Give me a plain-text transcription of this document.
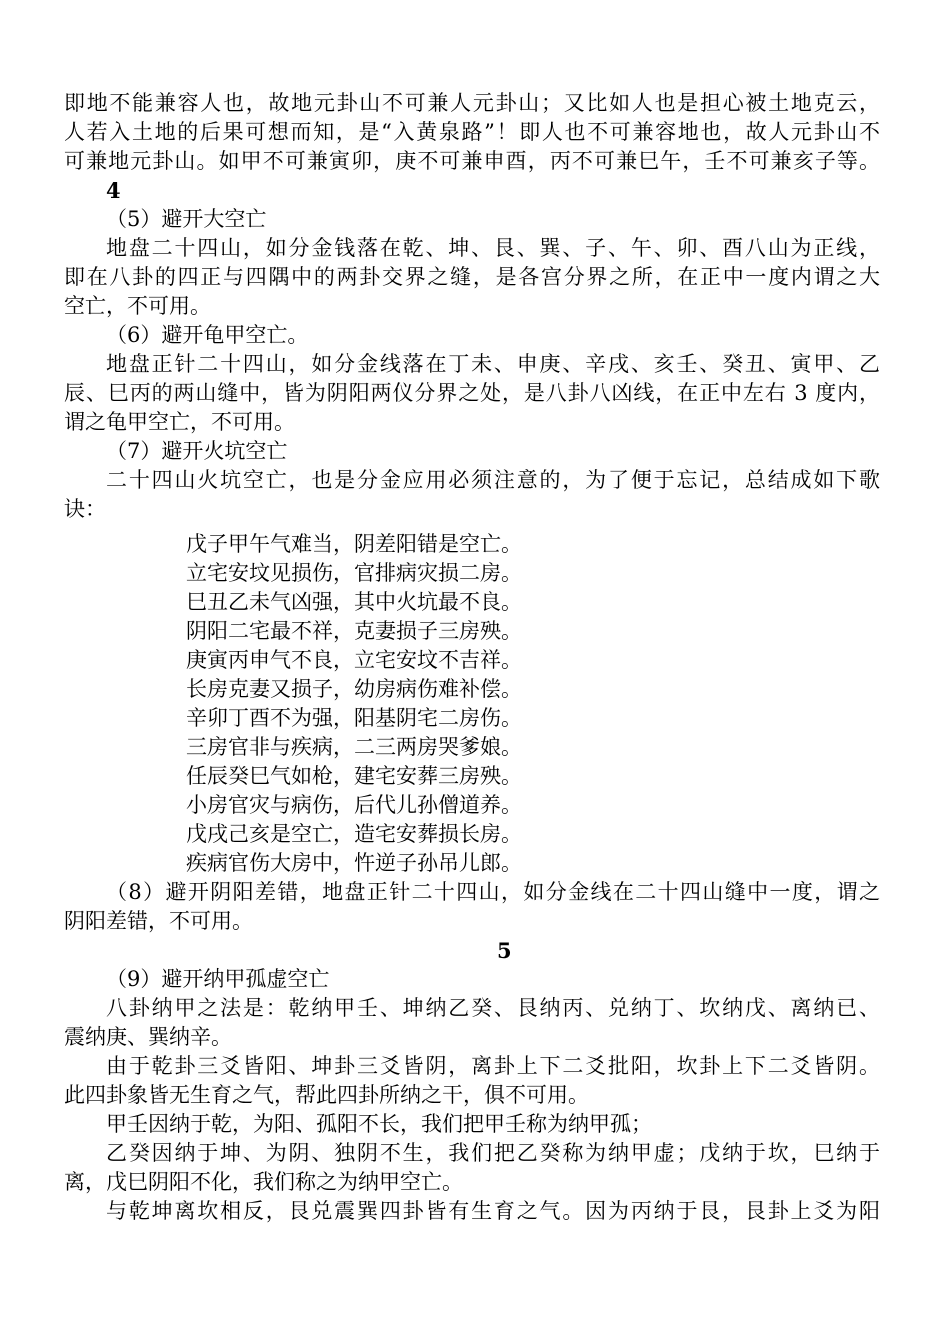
即地不能兼容人也，故地元卦山不可兼人元卦山；又比如人也是担心被土地克云，
人若入土地的后果可想而知，是“入黄泉路”！即人也不可兼容地也，故人元卦山不
可兼地元卦山。如甲不可兼寅卯，庚不可兼申酉，丙不可兼巳午，壬不可兼亥子等。
4
（5）避开大空亡
地盘二十四山，如分金钱落在乾、坤、艮、巽、子、午、卯、酉八山为正线，
即在八卦的四正与四隅中的两卦交界之缝，是各宫分界之所，在正中一度内谓之大
空亡，不可用。
（6）避开龟甲空亡。
地盘正针二十四山，如分金线落在丁未、申庚、辛戌、亥壬、癸丑、寅甲、乙
辰、巳丙的两山缝中，皆为阴阳两仪分界之处，是八卦八凶线，在正中左右 3 度内，
谓之龟甲空亡，不可用。
（7）避开火坑空亡
二十四山火坑空亡，也是分金应用必须注意的，为了便于忘记，总结成如下歌
诀：
戊子甲午气难当，阴差阳错是空亡。
立宅安坟见损伤，官排病灾损二房。
巳丑乙未气凶强，其中火坑最不良。
阴阳二宅最不祥，克妻损子三房殃。
庚寅丙申气不良，立宅安坟不吉祥。
长房克妻又损子，幼房病伤难补偿。
辛卯丁酉不为强，阳基阴宅二房伤。
三房官非与疾病，二三两房哭爹娘。
任辰癸巳气如枪，建宅安葬三房殃。
小房官灾与病伤，后代儿孙僧道养。
戊戌己亥是空亡，造宅安葬损长房。
疾病官伤大房中，忤逆子孙吊儿郎。
（8）避开阴阳差错，地盘正针二十四山，如分金线在二十四山缝中一度，谓之
阴阳差错，不可用。
5
（9）避开纳甲孤虚空亡
八卦纳甲之法是：乾纳甲壬、坤纳乙癸、艮纳丙、兑纳丁、坎纳戊、离纳已、
震纳庚、巽纳辛。
由于乾卦三爻皆阳、坤卦三爻皆阴，离卦上下二爻批阳，坎卦上下二爻皆阴。
此四卦象皆无生育之气，帮此四卦所纳之干，俱不可用。
甲壬因纳于乾，为阳、孤阳不长，我们把甲壬称为纳甲孤；
乙癸因纳于坤、为阴、独阴不生，我们把乙癸称为纳甲虚；戊纳于坎，巳纳于
离，戊巳阴阳不化，我们称之为纳甲空亡。
与乾坤离坎相反，艮兑震巽四卦皆有生育之气。因为丙纳于艮，艮卦上爻为阳
